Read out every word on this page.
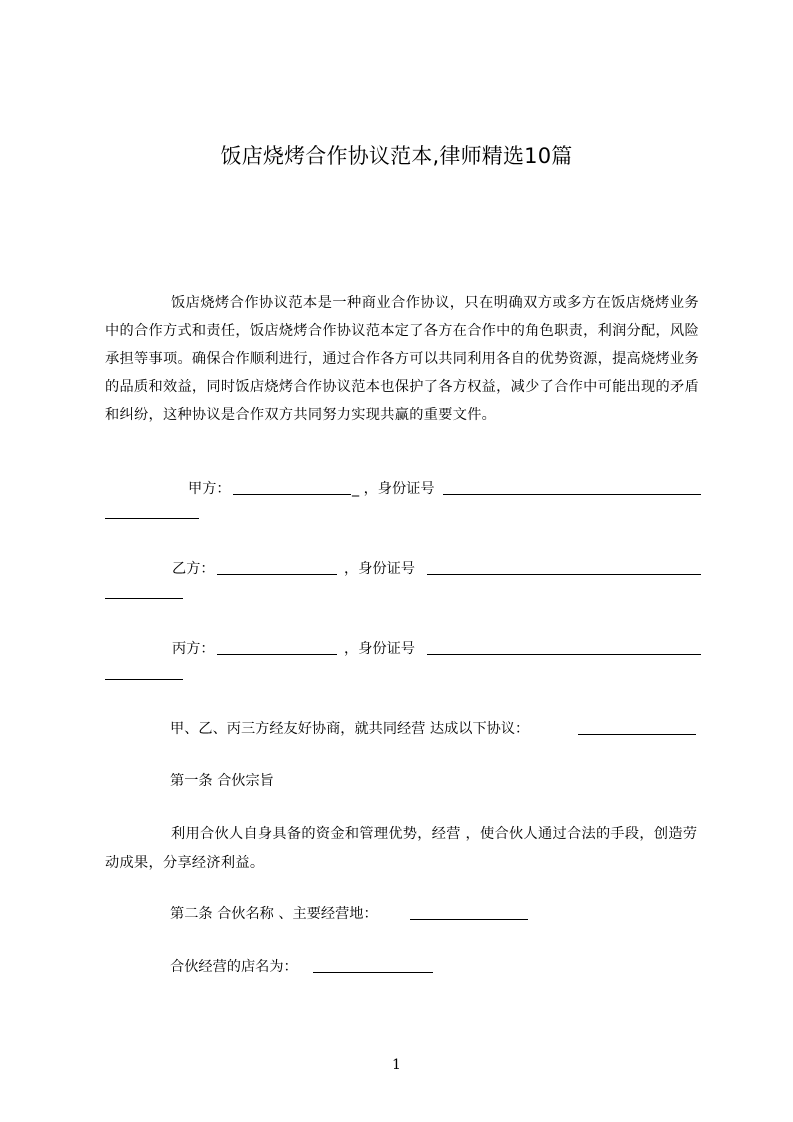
饭店烧烤合作协议范本,律师精选10篇
饭店烧烤合作协议范本是一种商业合作协议，只在明确双方或多方在饭店烧烤业务中的合作方式和责任，饭店烧烤合作协议范本定了各方在合作中的角色职责，利润分配，风险承担等事项。确保合作顺利进行，通过合作各方可以共同利用各自的优势资源，提高烧烤业务的品质和效益，同时饭店烧烤合作协议范本也保护了各方权益，减少了合作中可能出现的矛盾和纠纷，这种协议是合作双方共同努力实现共赢的重要文件。
甲方：	_ ，身份证号
乙方：	，身份证号
丙方：	，身份证号
甲、乙、丙三方经友好协商，就共同经营 达成以下协议：
第一条 合伙宗旨
利用合伙人自身具备的资金和管理优势，经营 ，使合伙人通过合法的手段，创造劳动成果，分享经济利益。
第二条 合伙名称 、主要经营地：
合伙经营的店名为：
1
